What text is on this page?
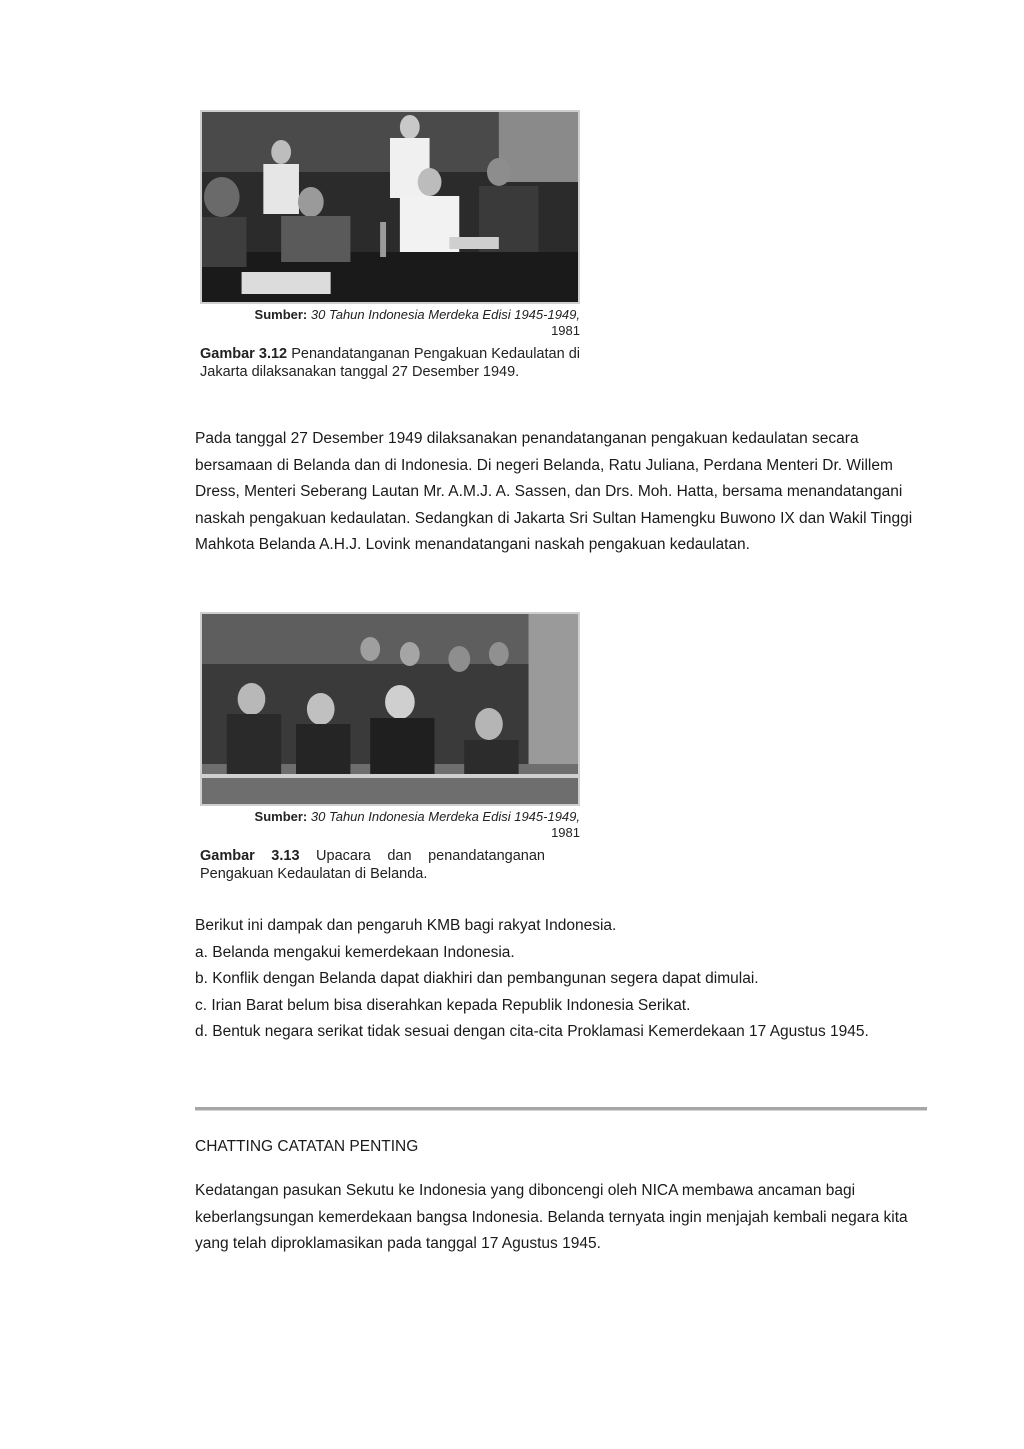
Sumber: 30 Tahun Indonesia Merdeka Edisi 1945-1949,
1981
Gambar 3.12 Penandatanganan Pengakuan Kedaulatan di Jakarta dilaksanakan tanggal 27 Desember 1949.

Pada tanggal 27 Desember 1949 dilaksanakan penandatanganan pengakuan kedaulatan secara bersamaan di Belanda dan di Indonesia. Di negeri Belanda, Ratu Juliana, Perdana Menteri Dr. Willem Dress, Menteri Seberang Lautan Mr. A.M.J. A. Sassen, dan Drs. Moh. Hatta, bersama menandatangani naskah pengakuan kedaulatan. Sedangkan di Jakarta Sri Sultan Hamengku Buwono IX dan Wakil Tinggi Mahkota Belanda A.H.J. Lovink menandatangani naskah pengakuan kedaulatan.

Sumber: 30 Tahun Indonesia Merdeka Edisi 1945-1949,
1981
Gambar 3.13 Upacara dan penandatanganan Pengakuan Kedaulatan di Belanda.
Berikut ini dampak dan pengaruh KMB bagi rakyat Indonesia.
a. Belanda mengakui kemerdekaan Indonesia.
b. Konflik dengan Belanda dapat diakhiri dan pembangunan segera dapat dimulai.
c. Irian Barat belum bisa diserahkan kepada Republik Indonesia Serikat.
d. Bentuk negara serikat tidak sesuai dengan cita-cita Proklamasi Kemerdekaan 17 Agustus 1945.

CHATTING CATATAN PENTING

Kedatangan pasukan Sekutu ke Indonesia yang diboncengi oleh NICA membawa ancaman bagi keberlangsungan kemerdekaan bangsa Indonesia. Belanda ternyata ingin menjajah kembali negara kita yang telah diproklamasikan pada tanggal 17 Agustus 1945.
